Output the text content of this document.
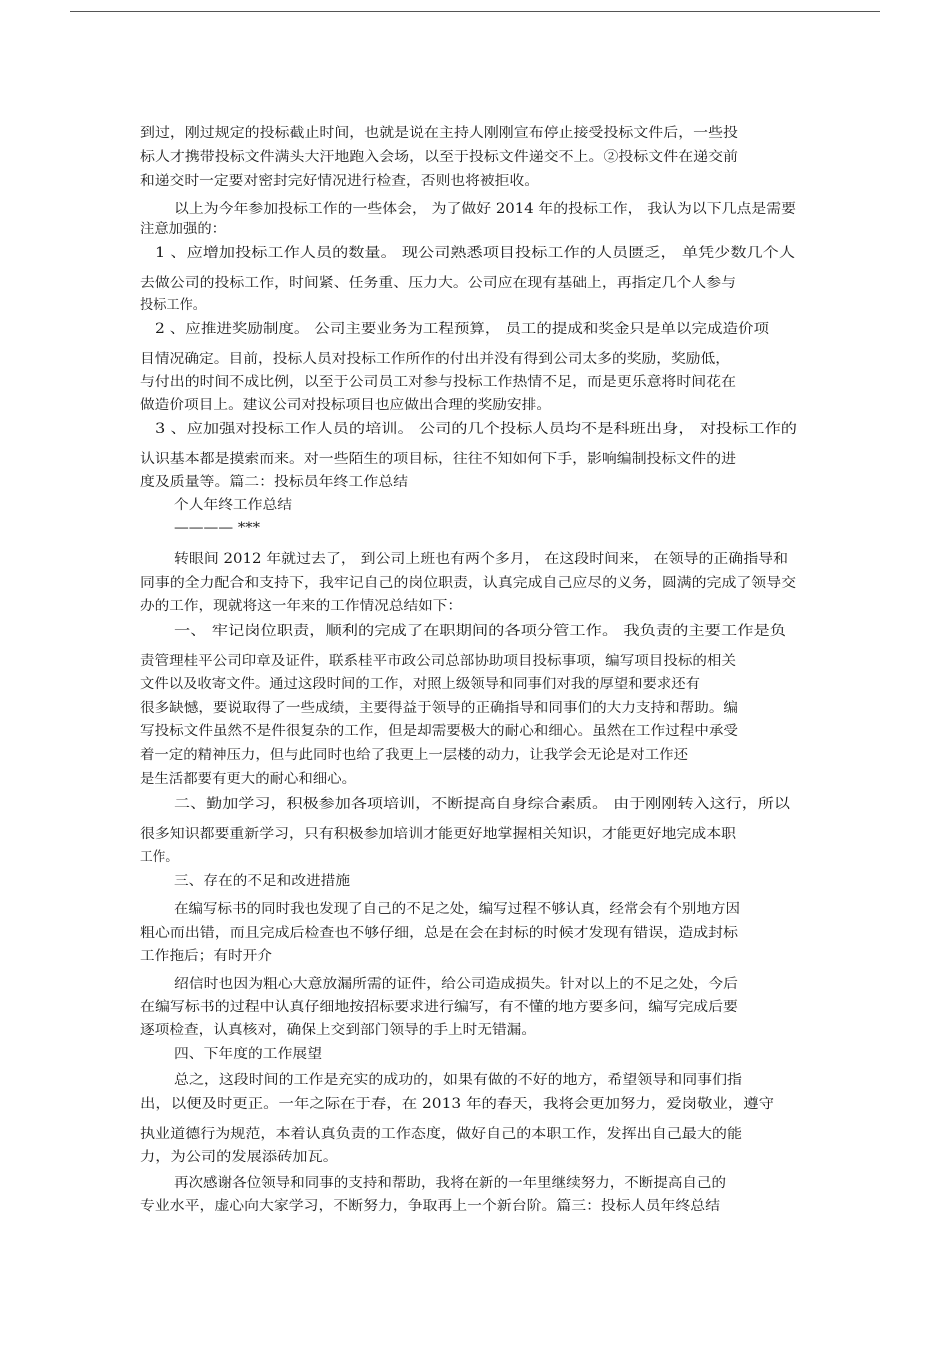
到过，刚过规定的投标截止时间，也就是说在主持人刚刚宣布停止接受投标文件后，一些投
标人才携带投标文件满头大汗地跑入会场，以至于投标文件递交不上。②投标文件在递交前
和递交时一定要对密封完好情况进行检查，否则也将被拒收。
以上为今年参加投标工作的一些体会， 为了做好 2014 年的投标工作， 我认为以下几点是需要
注意加强的：
1 、应增加投标工作人员的数量。 现公司熟悉项目投标工作的人员匮乏， 单凭少数几个人
去做公司的投标工作，时间紧、任务重、压力大。公司应在现有基础上，再指定几个人参与
投标工作。
2 、应推进奖励制度。 公司主要业务为工程预算， 员工的提成和奖金只是单以完成造价项
目情况确定。目前，投标人员对投标工作所作的付出并没有得到公司太多的奖励，奖励低，
与付出的时间不成比例，以至于公司员工对参与投标工作热情不足，而是更乐意将时间花在
做造价项目上。建议公司对投标项目也应做出合理的奖励安排。
3 、应加强对投标工作人员的培训。 公司的几个投标人员均不是科班出身， 对投标工作的
认识基本都是摸索而来。对一些陌生的项目标，往往不知如何下手，影响编制投标文件的进
度及质量等。篇二：投标员年终工作总结
个人年终工作总结
———— ***
转眼间 2012 年就过去了， 到公司上班也有两个多月， 在这段时间来， 在领导的正确指导和
同事的全力配合和支持下，我牢记自己的岗位职责，认真完成自己应尽的义务，圆满的完成了领导交
办的工作，现就将这一年来的工作情况总结如下：
一、 牢记岗位职责，顺利的完成了在职期间的各项分管工作。 我负责的主要工作是负
责管理桂平公司印章及证件，联系桂平市政公司总部协助项目投标事项，编写项目投标的相关
文件以及收寄文件。通过这段时间的工作，对照上级领导和同事们对我的厚望和要求还有
很多缺憾，要说取得了一些成绩，主要得益于领导的正确指导和同事们的大力支持和帮助。编
写投标文件虽然不是件很复杂的工作，但是却需要极大的耐心和细心。虽然在工作过程中承受
着一定的精神压力，但与此同时也给了我更上一层楼的动力，让我学会无论是对工作还
是生活都要有更大的耐心和细心。
二、勤加学习，积极参加各项培训，不断提高自身综合素质。 由于刚刚转入这行，所以
很多知识都要重新学习，只有积极参加培训才能更好地掌握相关知识，才能更好地完成本职
工作。
三、存在的不足和改进措施
在编写标书的同时我也发现了自己的不足之处，编写过程不够认真，经常会有个别地方因
粗心而出错，而且完成后检查也不够仔细，总是在会在封标的时候才发现有错误，造成封标
工作拖后；有时开介
绍信时也因为粗心大意放漏所需的证件，给公司造成损失。针对以上的不足之处，今后
在编写标书的过程中认真仔细地按招标要求进行编写，有不懂的地方要多问，编写完成后要
逐项检查，认真核对，确保上交到部门领导的手上时无错漏。
四、下年度的工作展望
总之，这段时间的工作是充实的成功的，如果有做的不好的地方，希望领导和同事们指
出，以便及时更正。一年之际在于春，在 2013 年的春天，我将会更加努力，爱岗敬业，遵守
执业道德行为规范，本着认真负责的工作态度，做好自己的本职工作，发挥出自己最大的能
力，为公司的发展添砖加瓦。
再次感谢各位领导和同事的支持和帮助，我将在新的一年里继续努力，不断提高自己的
专业水平，虚心向大家学习，不断努力，争取再上一个新台阶。篇三：投标人员年终总结
